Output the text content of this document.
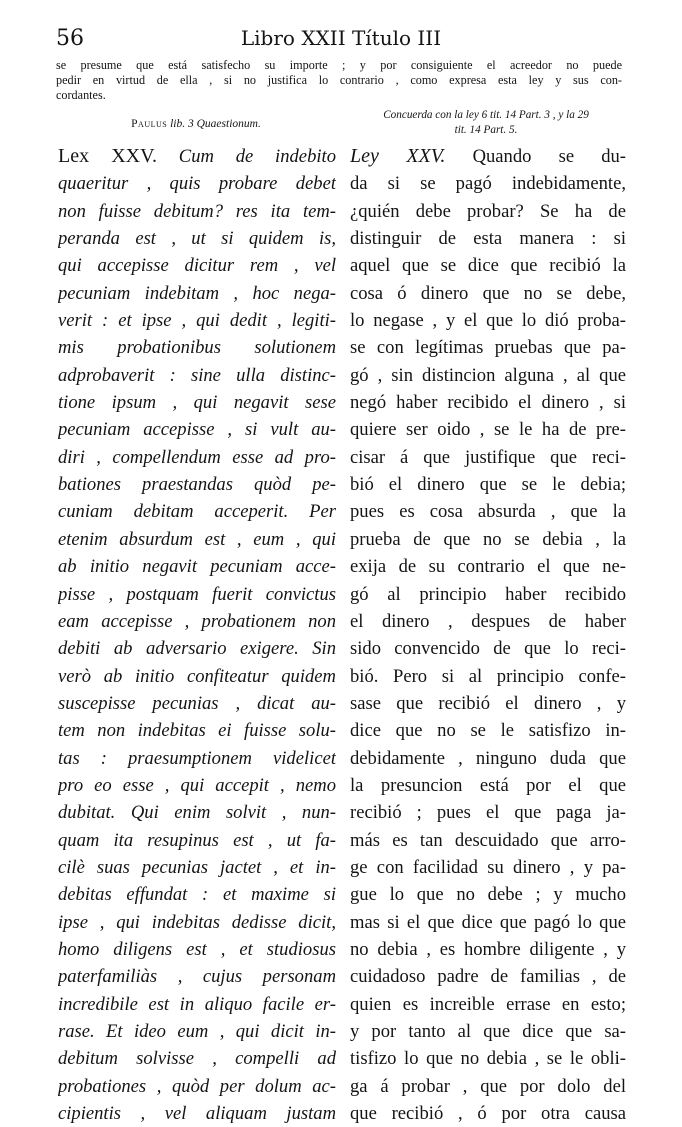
56	Libro XXII Título III
se presume que está satisfecho su importe ; y por consiguiente el acreedor no puede
pedir en virtud de ella , si no justifica lo contrario , como expresa esta ley y sus con-
cordantes.
Paulus lib. 3 Quaestionum.
Concuerda con la ley 6 tit. 14 Part. 3 , y la 29
tit. 14 Part. 5.
Lex XXV. Cum de indebito
quaeritur , quis probare debet
non fuisse debitum? res ita tem-
peranda est , ut si quidem is,
qui accepisse dicitur rem , vel
pecuniam indebitam , hoc nega-
verit : et ipse , qui dedit , legiti-
mis probationibus solutionem
adprobaverit : sine ulla distinc-
tione ipsum , qui negavit sese
pecuniam accepisse , si vult au-
diri , compellendum esse ad pro-
bationes praestandas quòd pe-
cuniam debitam acceperit. Per
etenim absurdum est , eum , qui
ab initio negavit pecuniam acce-
pisse , postquam fuerit convictus
eam accepisse , probationem non
debiti ab adversario exigere. Sin
verò ab initio confiteatur quidem
suscepisse pecunias , dicat au-
tem non indebitas ei fuisse solu-
tas : praesumptionem videlicet
pro eo esse , qui accepit , nemo
dubitat. Qui enim solvit , nun-
quam ita resupinus est , ut fa-
cilè suas pecunias jactet , et in-
debitas effundat : et maxime si
ipse , qui indebitas dedisse dicit,
homo diligens est , et studiosus
paterfamiliàs , cujus personam
incredibile est in aliquo facile er-
rase. Et ideo eum , qui dicit in-
debitum solvisse , compelli ad
probationes , quòd per dolum ac-
cipientis , vel aliquam justam
Ley XXV. Quando se du-
da si se pagó indebidamente,
¿quién debe probar? Se ha de
distinguir de esta manera : si
aquel que se dice que recibió la
cosa ó dinero que no se debe,
lo negase , y el que lo dió proba-
se con legítimas pruebas que pa-
gó , sin distincion alguna , al que
negó haber recibido el dinero , si
quiere ser oido , se le ha de pre-
cisar á que justifique que reci-
bió el dinero que se le debia;
pues es cosa absurda , que la
prueba de que no se debia , la
exija de su contrario el que ne-
gó al principio haber recibido
el dinero , despues de haber
sido convencido de que lo reci-
bió. Pero si al principio confe-
sase que recibió el dinero , y
dice que no se le satisfizo in-
debidamente , ninguno duda que
la presuncion está por el que
recibió ; pues el que paga ja-
más es tan descuidado que arro-
ge con facilidad su dinero , y pa-
gue lo que no debe ; y mucho
mas si el que dice que pagó lo que
no debia , es hombre diligente , y
cuidadoso padre de familias , de
quien es increible errase en esto;
y por tanto al que dice que sa-
tisfizo lo que no debia , se le obli-
ga á probar , que por dolo del
que recibió , ó por otra causa
